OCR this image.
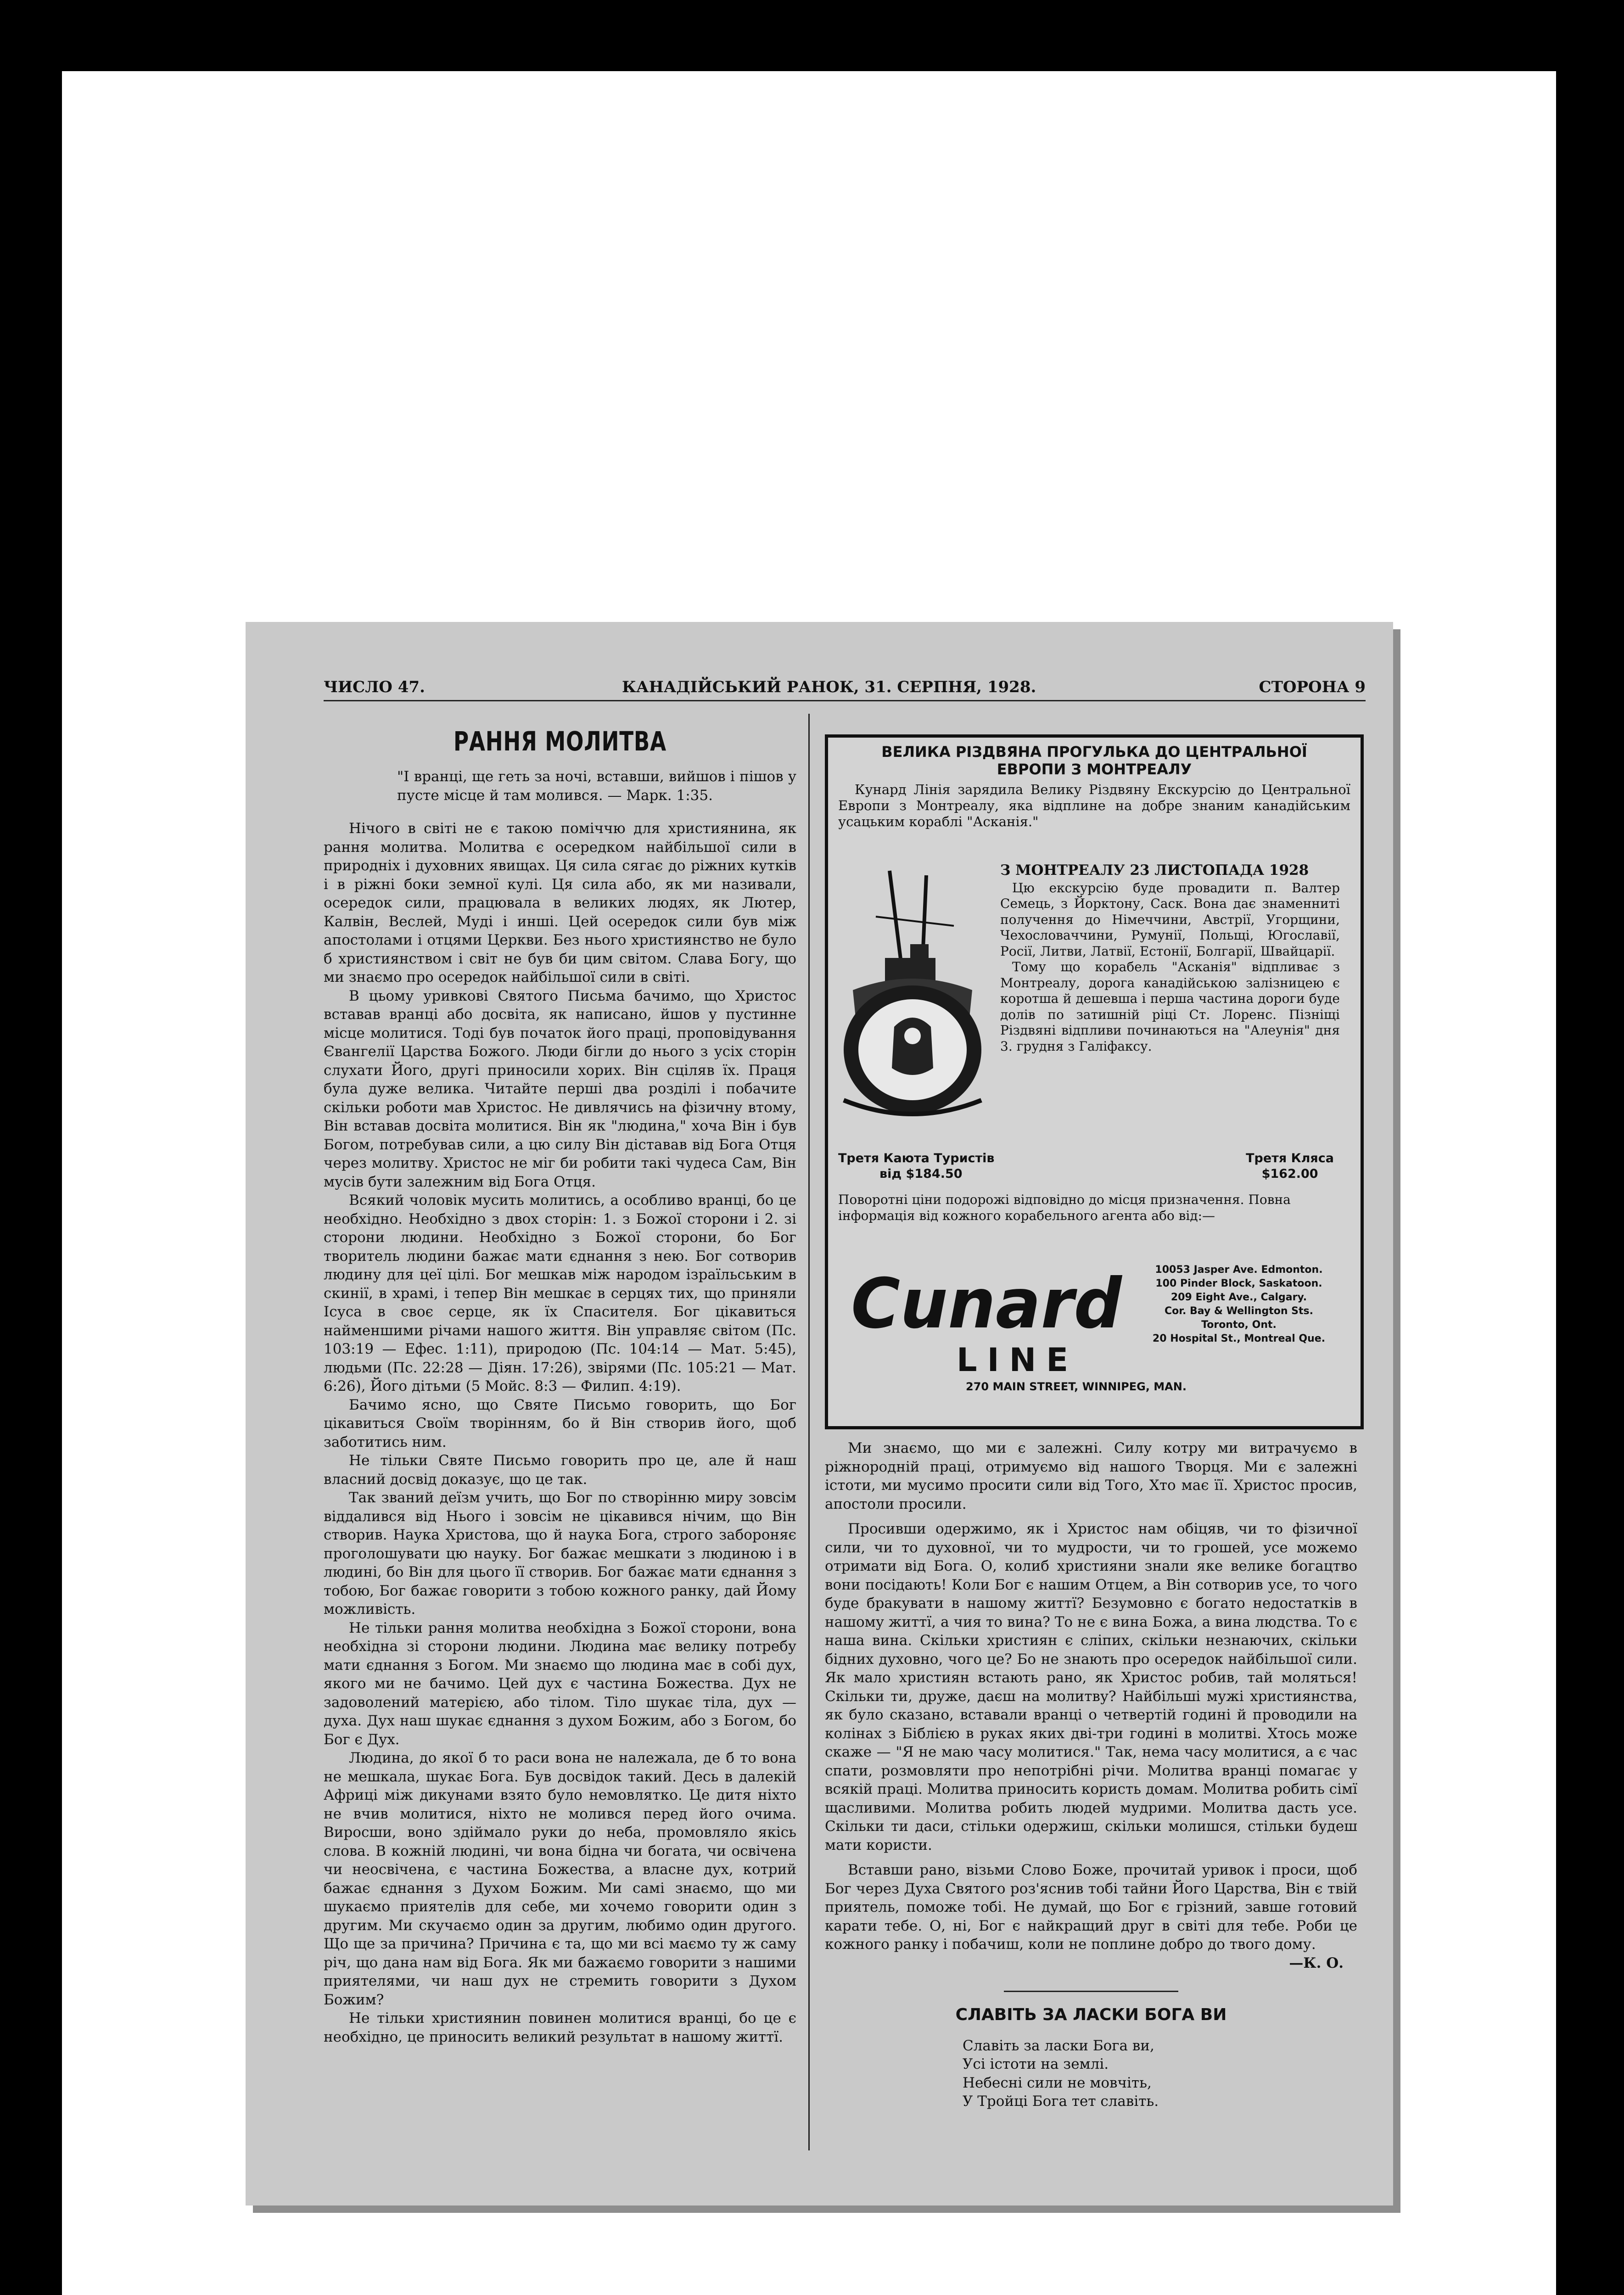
ЧИСЛО 47.	КАНАДІЙСЬКИЙ РАНОК, 31. СЕРПНЯ, 1928.	СТОРОНА 9
РАННЯ МОЛИТВА

"І вранці, ще геть за ночі, вставши, вийшов і пішов у пусте місце й там молився. — Марк. 1:35.

Нічого в світі не є такою поміччю для християнина, як рання молитва. Молитва є осередком найбільшої сили в природніх і духовних явищах. Ця сила сягає до ріжних кутків і в ріжні боки земної кулі. Ця сила або, як ми називали, осередок сили, працювала в великих людях, як Лютер, Калвін, Веслей, Муді і инші. Цей осередок сили був між апостолами і отцями Церкви. Без нього християнство не було б християнством і світ не був би цим світом. Слава Богу, що ми знаємо про осередок найбільшої сили в світі.

В цьому уривкові Святого Письма бачимо, що Христос вставав вранці або досвіта, як написано, йшов у пустинне місце молитися. Тоді був початок його праці, проповідування Євангелії Царства Божого. Люди бігли до нього з усіх сторін слухати Його, другі приносили хорих. Він сціляв їх. Праця була дуже велика. Читайте перші два розділі і побачите скільки роботи мав Христос. Не дивлячись на фізичну втому, Він вставав досвіта молитися. Він як "людина," хоча Він і був Богом, потребував сили, а цю силу Він діставав від Бога Отця через молитву. Христос не міг би робити такі чудеса Сам, Він мусів бути залежним від Бога Отця.

Всякий чоловік мусить молитись, а особливо вранці, бо це необхідно. Необхідно з двох сторін: 1. з Божої сторони і 2. зі сторони людини. Необхідно з Божої сторони, бо Бог творитель людини бажає мати єднання з нею. Бог сотворив людину для цеї цілі. Бог мешкав між народом ізраїльським в скинії, в храмі, і тепер Він мешкає в серцях тих, що приняли Ісуса в своє серце, як їх Спасителя. Бог цікавиться найменшими річами нашого життя. Він управляє світом (Пс. 103:19 — Ефес. 1:11), природою (Пс. 104:14 — Мат. 5:45), людьми (Пс. 22:28 — Дiян. 17:26), звірями (Пс. 105:21 — Мат. 6:26), Його дітьми (5 Мойс. 8:3 — Филип. 4:19).

Бачимо ясно, що Святе Письмо говорить, що Бог цікавиться Своїм творінням, бо й Він створив його, щоб заботитись ним.

Не тільки Святе Письмо говорить про це, але й наш власний досвід доказує, що це так.

Так званий деїзм учить, що Бог по створінню миру зовсім віддалився від Нього і зовсім не цікавився нічим, що Він створив. Наука Христова, що й наука Бога, строго забороняє проголошувати цю науку. Бог бажає мешкати з людиною і в людині, бо Він для цього її створив. Бог бажає мати єднання з тобою, Бог бажає говорити з тобою кожного ранку, дай Йому можливість.

Не тільки рання молитва необхідна з Божої сторони, вона необхідна зі сторони людини. Людина має велику потребу мати єднання з Богом. Ми знаємо що людина має в собі дух, якого ми не бачимо. Цей дух є частина Божества. Дух не задоволений матерією, або тілом. Тіло шукає тіла, дух — духа. Дух наш шукає єднання з духом Божим, або з Богом, бо Бог є Дух.

Людина, до якої б то раси вона не належала, де б то вона не мешкала, шукає Бога. Був досвідок такий. Десь в далекій Африці між дикунами взято було немовлятко. Це дитя ніхто не вчив молитися, ніхто не молився перед його очима. Виросши, воно здіймало руки до неба, промовляло якісь слова. В кожній людині, чи вона бідна чи богата, чи освічена чи неосвічена, є частина Божества, а власне дух, котрий бажає єднання з Духом Божим. Ми самі знаємо, що ми шукаємо приятелів для себе, ми хочемо говорити один з другим. Ми скучаємо один за другим, любимо один другого. Що ще за причина? Причина є та, що ми всі маємо ту ж саму річ, що дана нам від Бога. Як ми бажаємо говорити з нашими приятелями, чи наш дух не стремить говорити з Духом Божим?

Не тільки християнин повинен молитися вранці, бо це є необхідно, це приносить великий результат в нашому життї.

ВЕЛИКА РІЗДВЯНА ПРОГУЛЬКА ДО ЦЕНТРАЛЬНОЇ
ЕВРОПИ З МОНТРЕАЛУ

Кунард Лінія зарядила Велику Різдвяну Екскурсію до Центральної Европи з Монтреалу, яка відплине на добре знаним канадійським усацьким кораблі "Асканія."

З МОНТРЕАЛУ 23 ЛИСТОПАДА 1928

Цю екскурсію буде провадити п. Валтер Семець, з Йорктону, Саск. Вона дає знаменниті получення до Німеччини, Австрії, Угорщини, Чехословаччини, Румунії, Польщі, Югославії, Росії, Литви, Латвії, Естонії, Болгарії, Швайцарії.

Тому що корабель "Асканія" відпливає з Монтреалу, дорога канадійською залізницею є коротша й дешевша і перша частина дороги буде долів по затишній ріці Ст. Лоренс. Пізніщі Різдвяні відпливи починаються на "Алеунія" дня 3. грудня з Галіфаксу.

Третя Каюта Туристів
від $184.50
Третя Кляса
$162.00

Поворотні ціни подорожі відповідно до місця призначення. Повна інформація від кожного корабельного агента або від:—

Cunard
LINE
10053 Jasper Ave. Edmonton.
100 Pinder Block, Saskatoon.
209 Eight Ave., Calgary.
Cor. Bay & Wellington Sts.
Toronto, Ont.
20 Hospital St., Montreal Que.
270 MAIN STREET, WINNIPEG, MAN.

Ми знаємо, що ми є залежні. Силу котру ми витрачуємо в ріжнородній праці, отримуємо від нашого Творця. Ми є залежні істоти, ми мусимо просити сили від Того, Хто має її. Христос просив, апостоли просили.

Просивши одержимо, як і Христос нам обіцяв, чи то фізичної сили, чи то духовної, чи то мудрости, чи то грошей, усе можемо отримати від Бога. О, колиб християни знали яке велике богацтво вони посідають! Коли Бог є нашим Отцем, а Він сотворив усе, то чого буде бракувати в нашому життї? Безумовно є богато недостатків в нашому життї, а чия то вина? То не є вина Божа, а вина людства. То є наша вина. Скільки християн є сліпих, скільки незнаючих, скільки бідних духовно, чого це? Бо не знають про осередок найбільшої сили. Як мало християн встають рано, як Христос робив, тай моляться! Скільки ти, друже, даєш на молитву? Найбільші мужі християнства, як було сказано, вставали вранці о четвертій годині й проводили на колінах з Біблією в руках яких дві-три годині в молитві. Хтось може скаже — "Я не маю часу молитися." Так, нема часу молитися, а є час спати, розмовляти про непотрібні річи. Молитва вранці помагає у всякій праці. Молитва приносить користь домам. Молитва робить сімї щасливими. Молитва робить людей мудрими. Молитва дасть усе. Скільки ти даси, стільки одержиш, скільки молишся, стільки будеш мати користи.

Вставши рано, візьми Слово Боже, прочитай уривок і проси, щоб Бог через Духа Святого роз'яснив тобі тайни Його Царства, Він є твій приятель, поможе тобі. Не думай, що Бог є грізний, завше готовий карати тебе. О, ні, Бог є найкращий друг в світі для тебе. Роби це кожного ранку і побачиш, коли не поплине добро до твого дому.

—К. О.

СЛАВІТЬ ЗА ЛАСКИ БОГА ВИ
Славіть за ласки Бога ви,
Усі істоти на землі.
Небесні сили не мовчіть,
У Тройці Бога тет славіть.
